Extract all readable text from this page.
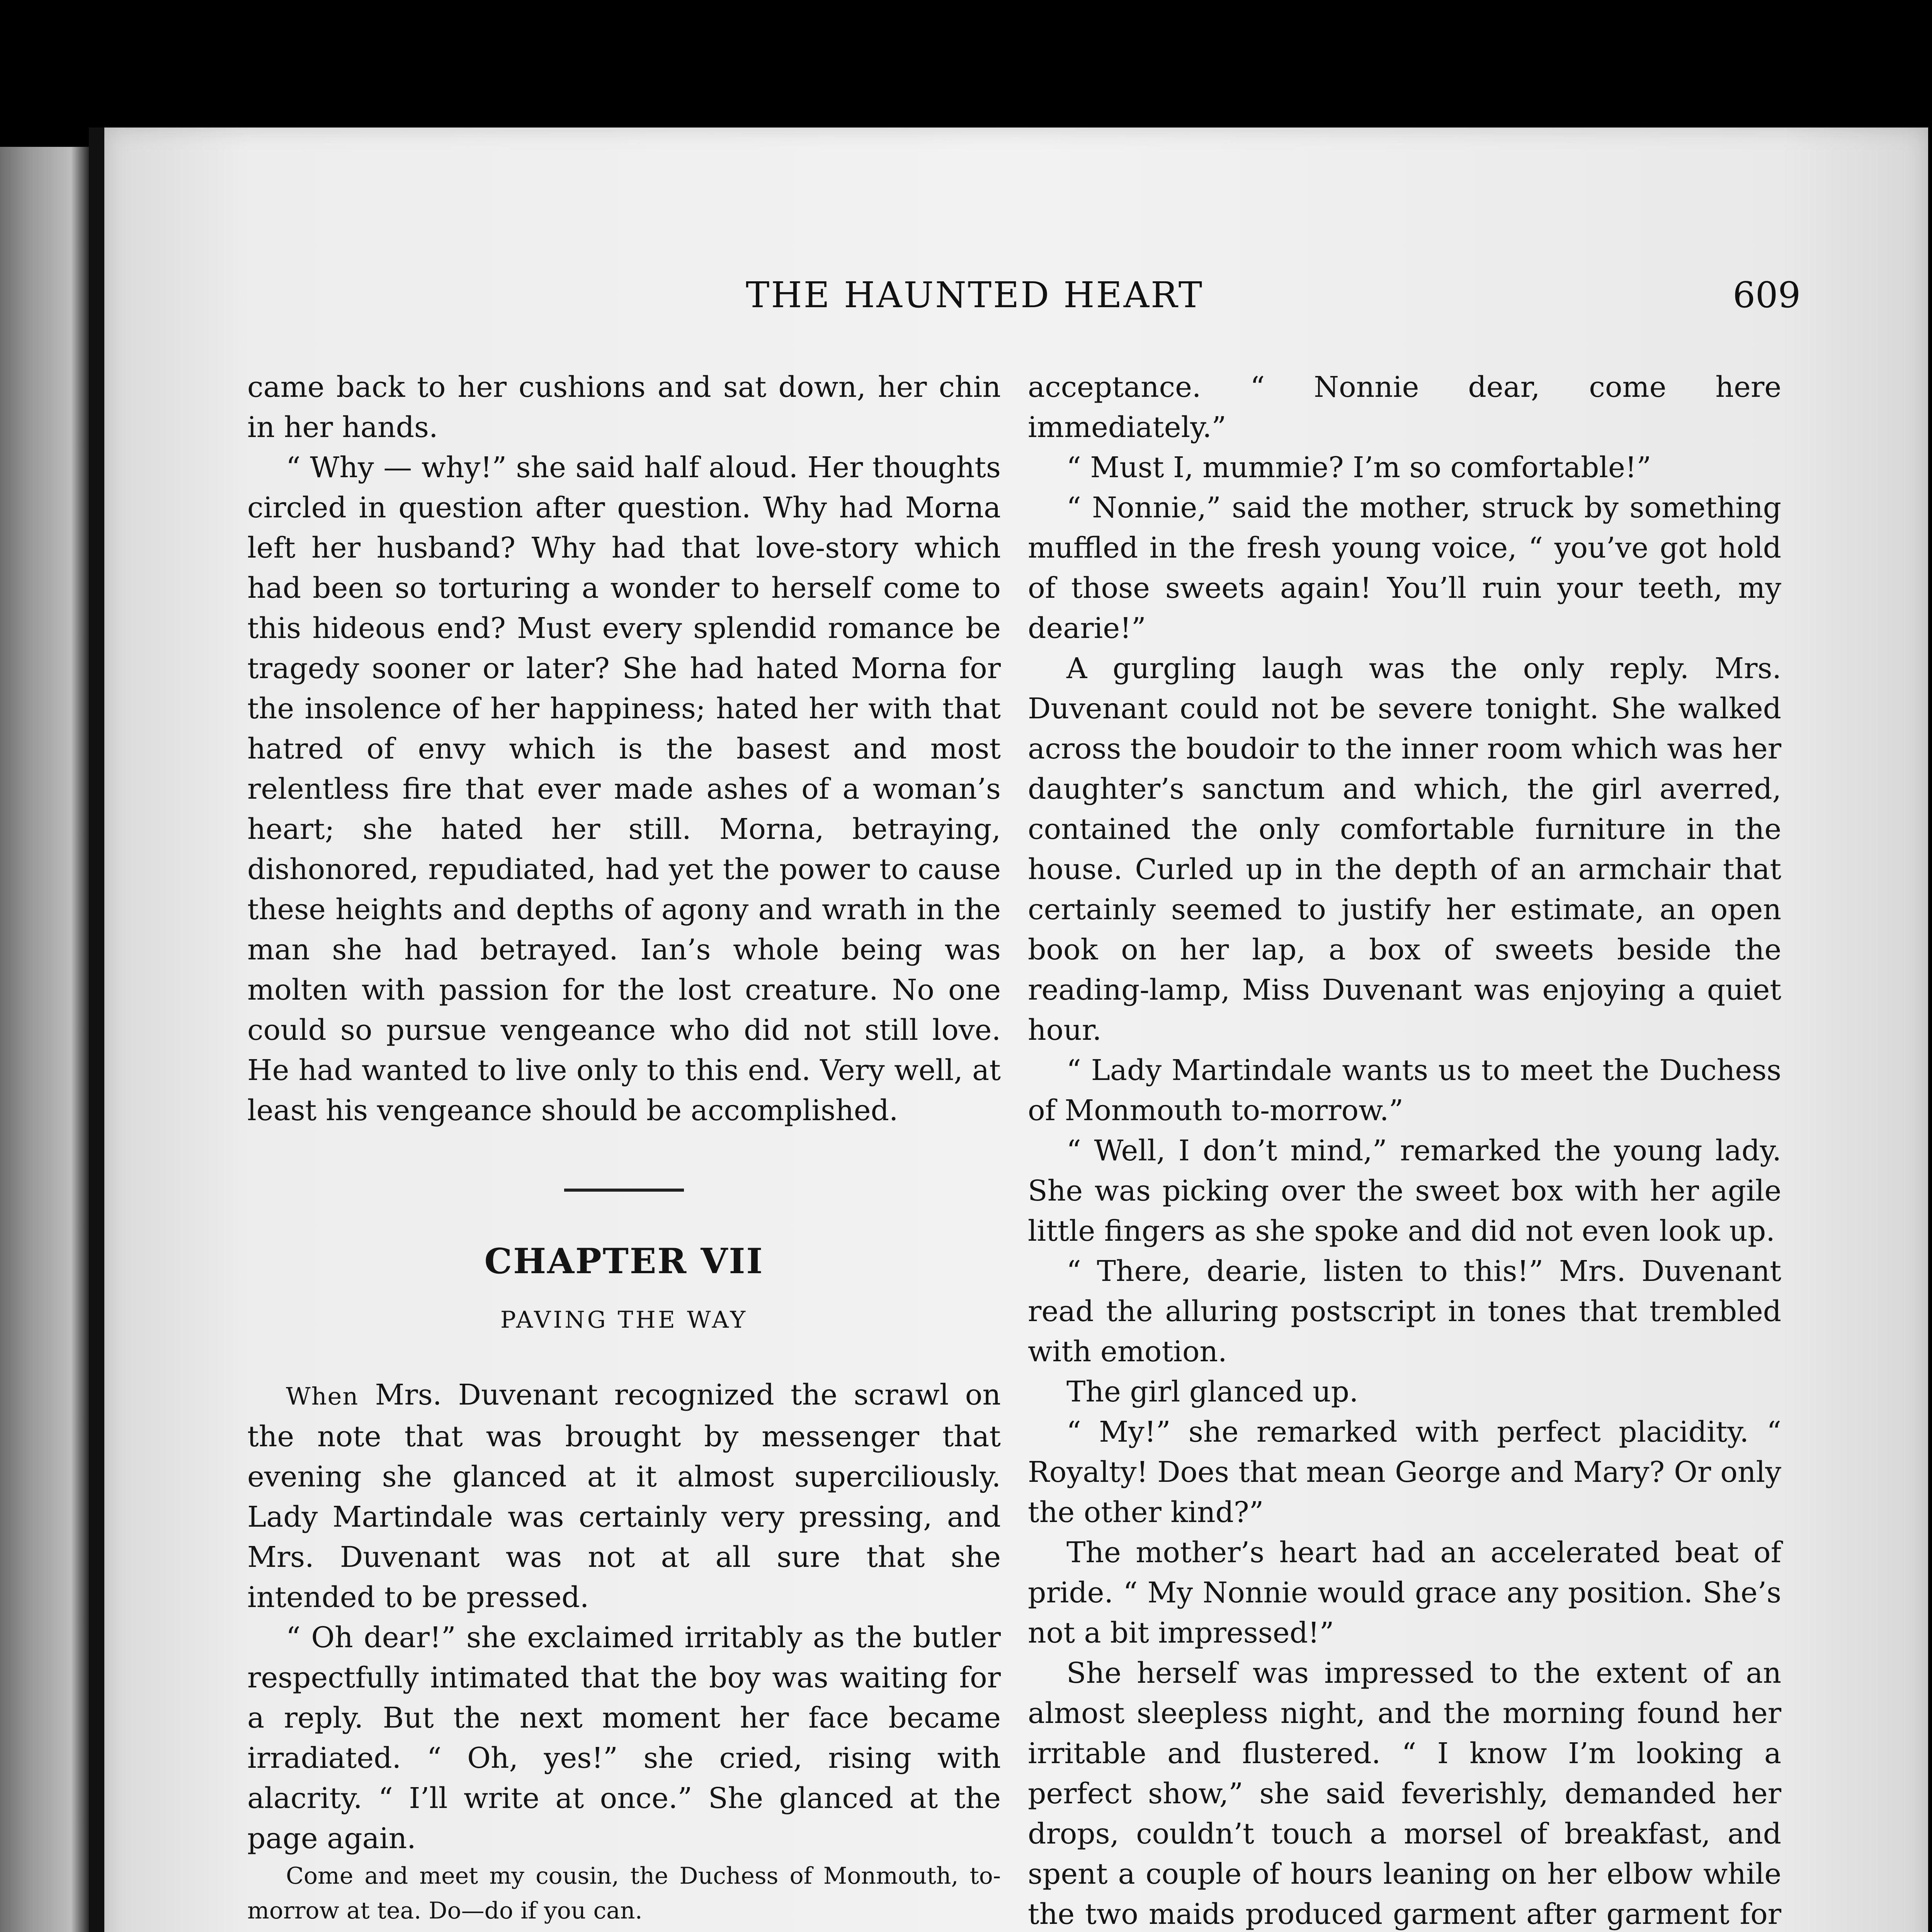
THE HAUNTED HEART	609

came back to her cushions and sat down, her chin in her hands.

“ Why — why!” she said half aloud. Her thoughts circled in question after question. Why had Morna left her husband? Why had that love-story which had been so torturing a wonder to herself come to this hideous end? Must every splendid romance be tragedy sooner or later? She had hated Morna for the insolence of her happiness; hated her with that hatred of envy which is the basest and most relentless fire that ever made ashes of a woman’s heart; she hated her still. Morna, betraying, dishonored, repudiated, had yet the power to cause these heights and depths of agony and wrath in the man she had betrayed. Ian’s whole being was molten with passion for the lost creature. No one could so pursue vengeance who did not still love. He had wanted to live only to this end. Very well, at least his vengeance should be accomplished.

CHAPTER VII
PAVING THE WAY

When Mrs. Duvenant recognized the scrawl on the note that was brought by messenger that evening she glanced at it almost superciliously. Lady Martindale was certainly very pressing, and Mrs. Duvenant was not at all sure that she intended to be pressed.

“ Oh dear!” she exclaimed irritably as the butler respectfully intimated that the boy was waiting for a reply. But the next moment her face became irradiated. “ Oh, yes!” she cried, rising with alacrity. “ I’ll write at once.” She glanced at the page again.

Come and meet my cousin, the Duchess of Monmouth, to-morrow at tea. Do—do if you can.

acceptance. “ Nonnie dear, come here immediately.”

“ Must I, mummie? I’m so comfortable!”

“ Nonnie,” said the mother, struck by something muffled in the fresh young voice, “ you’ve got hold of those sweets again! You’ll ruin your teeth, my dearie!”

A gurgling laugh was the only reply. Mrs. Duvenant could not be severe tonight. She walked across the boudoir to the inner room which was her daughter’s sanctum and which, the girl averred, contained the only comfortable furniture in the house. Curled up in the depth of an armchair that certainly seemed to justify her estimate, an open book on her lap, a box of sweets beside the reading-lamp, Miss Duvenant was enjoying a quiet hour.

“ Lady Martindale wants us to meet the Duchess of Monmouth to-morrow.”

“ Well, I don’t mind,” remarked the young lady. She was picking over the sweet box with her agile little fingers as she spoke and did not even look up.

“ There, dearie, listen to this!” Mrs. Duvenant read the alluring postscript in tones that trembled with emotion.

The girl glanced up.

“ My!” she remarked with perfect placidity. “ Royalty! Does that mean George and Mary? Or only the other kind?”

The mother’s heart had an accelerated beat of pride. “ My Nonnie would grace any position. She’s not a bit impressed!”

She herself was impressed to the extent of an almost sleepless night, and the morning found her irritable and flustered. “ I know I’m looking a perfect show,” she said feverishly, demanded her drops, couldn’t touch a morsel of breakfast, and spent a couple of hours leaning on her elbow while the two maids produced garment after garment for
